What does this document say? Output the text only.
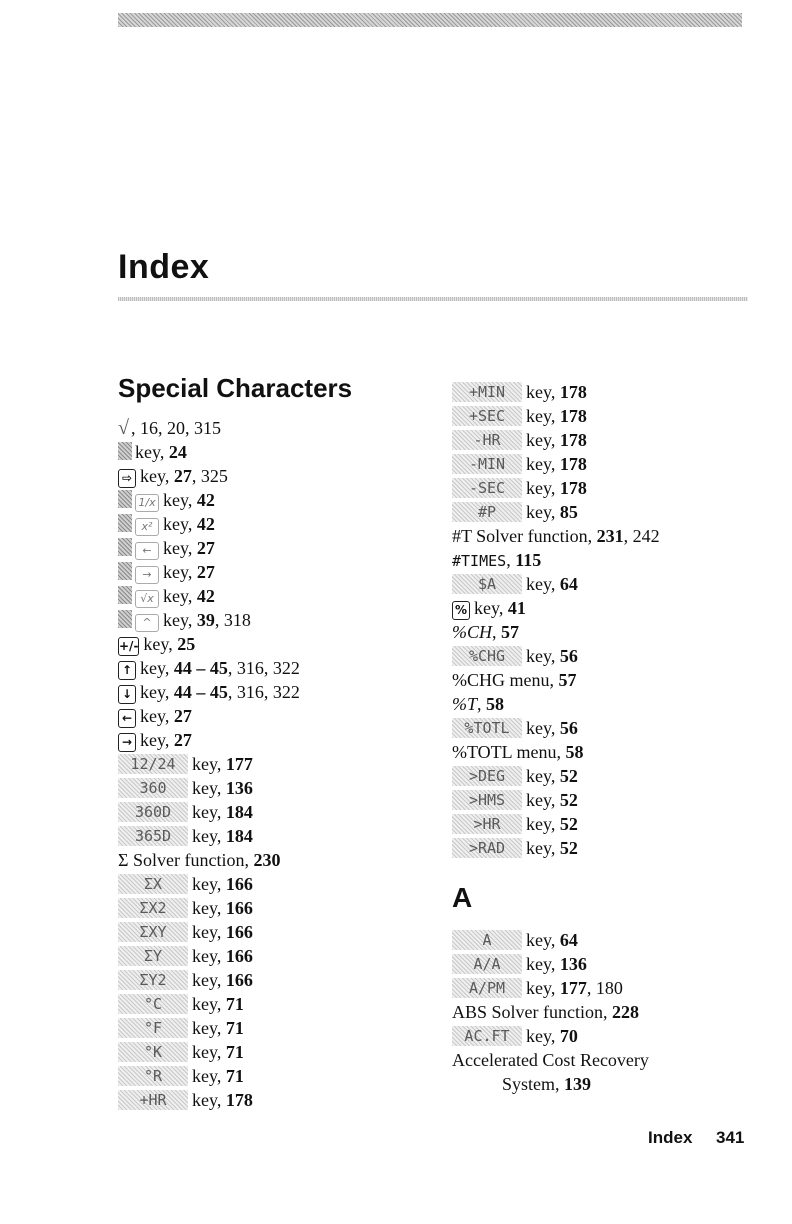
Index
Special Characters
√ , 16, 20, 315
key, 24
⇨ key, 27, 325
1/x key, 42
x² key, 42
← key, 27
→ key, 27
√x key, 42
^ key, 39, 318
+/- key, 25
↑ key, 44 – 45, 316, 322
↓ key, 44 – 45, 316, 322
← key, 27
→ key, 27
12/24 key, 177
360 key, 136
360D key, 184
365D key, 184
Σ Solver function, 230
ΣX key, 166
ΣX2 key, 166
ΣXY key, 166
ΣY key, 166
ΣY2 key, 166
°C key, 71
°F key, 71
°K key, 71
°R key, 71
+HR key, 178
+MIN key, 178
+SEC key, 178
-HR key, 178
-MIN key, 178
-SEC key, 178
#P key, 85
#T Solver function, 231, 242
#TIMES, 115
$A key, 64
% key, 41
%CH, 57
%CHG key, 56
%CHG menu, 57
%T, 58
%TOTL key, 56
%TOTL menu, 58
>DEG key, 52
>HMS key, 52
>HR key, 52
>RAD key, 52
A
A key, 64
A/A key, 136
A/PM key, 177, 180
ABS Solver function, 228
AC.FT key, 70
Accelerated Cost Recovery
System, 139
Index 341
